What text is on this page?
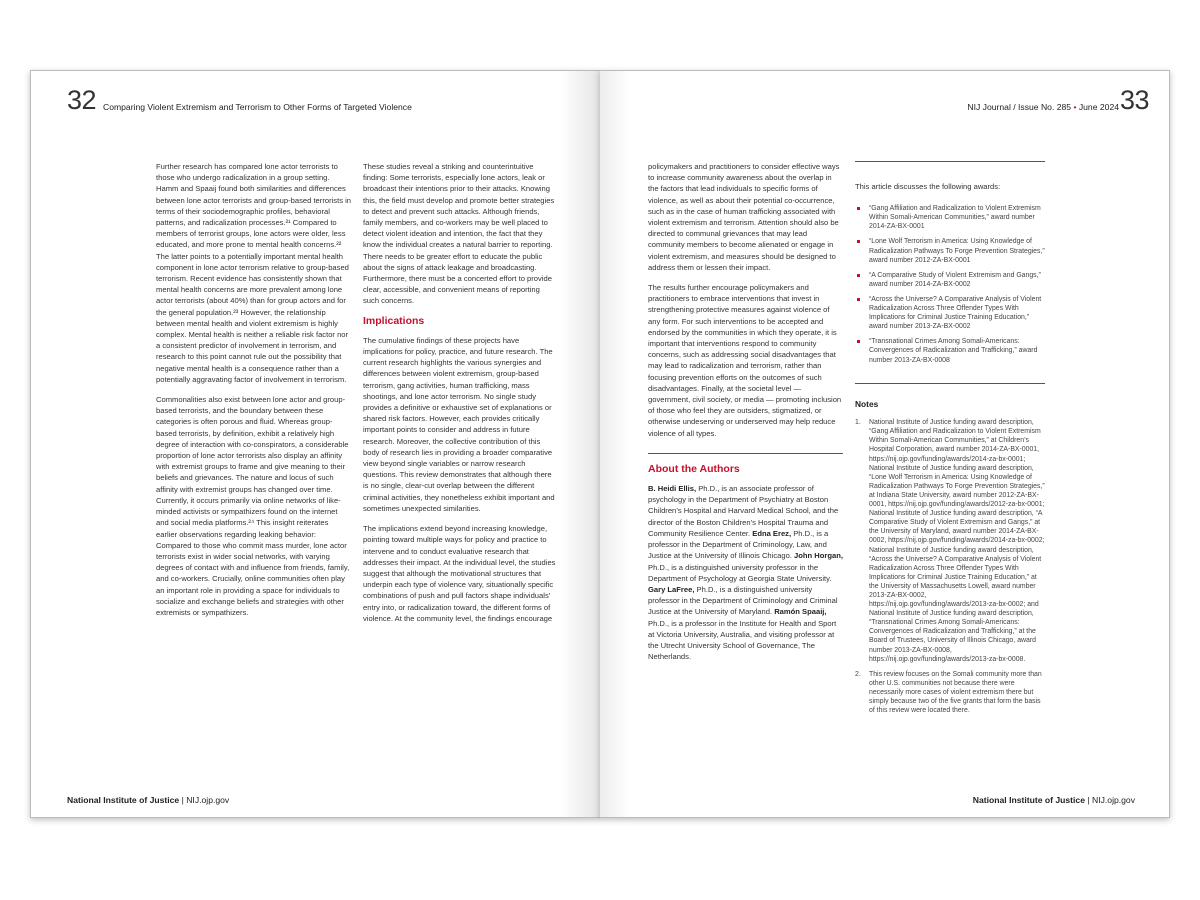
32 Comparing Violent Extremism and Terrorism to Other Forms of Targeted Violence

Further research has compared lone actor terrorists to those who undergo radicalization in a group setting. Hamm and Spaaij found both similarities and differences between lone actor terrorists and group-based terrorists in terms of their sociodemographic profiles, behavioral patterns, and radicalization processes.²¹ Compared to members of terrorist groups, lone actors were older, less educated, and more prone to mental health concerns.²² The latter points to a potentially important mental health component in lone actor terrorism relative to group-based terrorism. Recent evidence has consistently shown that mental health concerns are more prevalent among lone actor terrorists (about 40%) than for group actors and for the general population.²³ However, the relationship between mental health and violent extremism is highly complex. Mental health is neither a reliable risk factor nor a consistent predictor of involvement in terrorism, and research to this point cannot rule out the possibility that negative mental health is a consequence rather than a potentially aggravating factor of involvement in terrorism.

Commonalities also exist between lone actor and group-based terrorists, and the boundary between these categories is often porous and fluid. Whereas group-based terrorists, by definition, exhibit a relatively high degree of interaction with co-conspirators, a considerable proportion of lone actor terrorists also display an affinity with extremist groups to frame and give meaning to their beliefs and grievances. The nature and locus of such affinity with extremist groups has changed over time. Currently, it occurs primarily via online networks of like-minded activists or sympathizers found on the internet and social media platforms.²⁴ This insight reiterates earlier observations regarding leaking behavior: Compared to those who commit mass murder, lone actor terrorists exist in wider social networks, with varying degrees of contact with and influence from friends, family, and co-workers. Crucially, online communities often play an important role in providing a space for individuals to socialize and exchange beliefs and strategies with other extremists or sympathizers.

These studies reveal a striking and counterintuitive finding: Some terrorists, especially lone actors, leak or broadcast their intentions prior to their attacks. Knowing this, the field must develop and promote better strategies to detect and prevent such attacks. Although friends, family members, and co-workers may be well placed to detect violent ideation and intention, the fact that they know the individual creates a natural barrier to reporting. There needs to be greater effort to educate the public about the signs of attack leakage and broadcasting. Furthermore, there must be a concerted effort to provide clear, accessible, and convenient means of reporting such concerns.

Implications

The cumulative findings of these projects have implications for policy, practice, and future research. The current research highlights the various synergies and differences between violent extremism, group-based terrorism, gang activities, human trafficking, mass shootings, and lone actor terrorism. No single study provides a definitive or exhaustive set of explanations or shared risk factors. However, each provides critically important points to consider and address in future research. Moreover, the collective contribution of this body of research lies in providing a broader comparative view beyond single variables or narrow research questions. This review demonstrates that although there is no single, clear-cut overlap between the different criminal activities, they nonetheless exhibit important and sometimes unexpected similarities.

The implications extend beyond increasing knowledge, pointing toward multiple ways for policy and practice to intervene and to conduct evaluative research that addresses their impact. At the individual level, the studies suggest that although the motivational structures that underpin each type of violence vary, situationally specific combinations of push and pull factors shape individuals’ entry into, or radicalization toward, the different forms of violence. At the community level, the findings encourage

National Institute of Justice | NIJ.ojp.gov
NIJ Journal / Issue No. 285 • June 2024 33

policymakers and practitioners to consider effective ways to increase community awareness about the overlap in the factors that lead individuals to specific forms of violence, as well as about their potential co-occurrence, such as in the case of human trafficking associated with violent extremism and terrorism. Attention should also be directed to communal grievances that may lead community members to become alienated or engage in violent extremism, and measures should be designed to address them or lessen their impact.

The results further encourage policymakers and practitioners to embrace interventions that invest in strengthening protective measures against violence of any form. For such interventions to be accepted and endorsed by the communities in which they operate, it is important that interventions respond to community concerns, such as addressing social disadvantages that may lead to radicalization and terrorism, rather than focusing prevention efforts on the outcomes of such disadvantages. Finally, at the societal level — government, civil society, or media — promoting inclusion of those who feel they are outsiders, stigmatized, or otherwise undeserving or underserved may help reduce violence of all types.

About the Authors

B. Heidi Ellis, Ph.D., is an associate professor of psychology in the Department of Psychiatry at Boston Children’s Hospital and Harvard Medical School, and the director of the Boston Children’s Hospital Trauma and Community Resilience Center. Edna Erez, Ph.D., is a professor in the Department of Criminology, Law, and Justice at the University of Illinois Chicago. John Horgan, Ph.D., is a distinguished university professor in the Department of Psychology at Georgia State University. Gary LaFree, Ph.D., is a distinguished university professor in the Department of Criminology and Criminal Justice at the University of Maryland. Ramón Spaaij, Ph.D., is a professor in the Institute for Health and Sport at Victoria University, Australia, and visiting professor at the Utrecht University School of Governance, The Netherlands.

This article discusses the following awards:

“Gang Affiliation and Radicalization to Violent Extremism Within Somali-American Communities,” award number 2014-ZA-BX-0001
“Lone Wolf Terrorism in America: Using Knowledge of Radicalization Pathways To Forge Prevention Strategies,” award number 2012-ZA-BX-0001
“A Comparative Study of Violent Extremism and Gangs,” award number 2014-ZA-BX-0002
“Across the Universe? A Comparative Analysis of Violent Radicalization Across Three Offender Types With Implications for Criminal Justice Training Education,” award number 2013-ZA-BX-0002
“Transnational Crimes Among Somali-Americans: Convergences of Radicalization and Trafficking,” award number 2013-ZA-BX-0008
Notes
1. National Institute of Justice funding award description, “Gang Affiliation and Radicalization to Violent Extremism Within Somali-American Communities,” at Children’s Hospital Corporation, award number 2014-ZA-BX-0001, https://nij.ojp.gov/funding/awards/2014-za-bx-0001; National Institute of Justice funding award description, “Lone Wolf Terrorism in America: Using Knowledge of Radicalization Pathways To Forge Prevention Strategies,” at Indiana State University, award number 2012-ZA-BX-0001, https://nij.ojp.gov/funding/awards/2012-za-bx-0001; National Institute of Justice funding award description, “A Comparative Study of Violent Extremism and Gangs,” at the University of Maryland, award number 2014-ZA-BX-0002, https://nij.ojp.gov/funding/awards/2014-za-bx-0002; National Institute of Justice funding award description, “Across the Universe? A Comparative Analysis of Violent Radicalization Across Three Offender Types With Implications for Criminal Justice Training Education,” at the University of Massachusetts Lowell, award number 2013-ZA-BX-0002, https://nij.ojp.gov/funding/awards/2013-za-bx-0002; and National Institute of Justice funding award description, “Transnational Crimes Among Somali-Americans: Convergences of Radicalization and Trafficking,” at the Board of Trustees, University of Illinois Chicago, award number 2013-ZA-BX-0008, https://nij.ojp.gov/funding/awards/2013-za-bx-0008.
2. This review focuses on the Somali community more than other U.S. communities not because there were necessarily more cases of violent extremism there but simply because two of the five grants that form the basis of this review were located there.
National Institute of Justice | NIJ.ojp.gov
